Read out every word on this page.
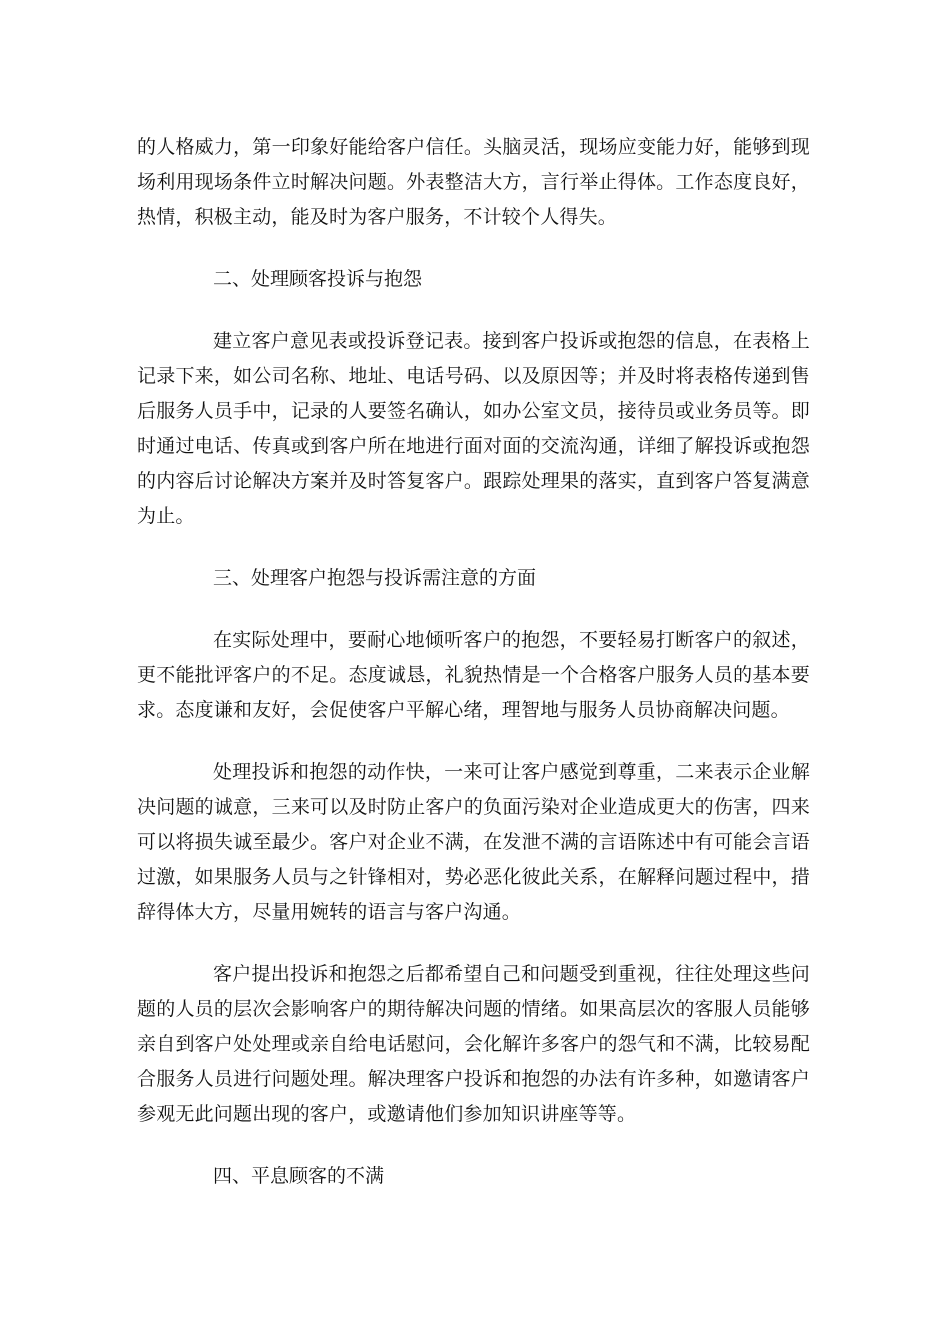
的人格威力，第一印象好能给客户信任。头脑灵活，现场应变能力好，能够到现场利用现场条件立时解决问题。外表整洁大方，言行举止得体。工作态度良好，热情，积极主动，能及时为客户服务，不计较个人得失。

二、处理顾客投诉与抱怨

建立客户意见表或投诉登记表。接到客户投诉或抱怨的信息，在表格上记录下来，如公司名称、地址、电话号码、以及原因等；并及时将表格传递到售后服务人员手中，记录的人要签名确认，如办公室文员，接待员或业务员等。即时通过电话、传真或到客户所在地进行面对面的交流沟通，详细了解投诉或抱怨的内容后讨论解决方案并及时答复客户。跟踪处理果的落实，直到客户答复满意为止。

三、处理客户抱怨与投诉需注意的方面

在实际处理中，要耐心地倾听客户的抱怨，不要轻易打断客户的叙述，更不能批评客户的不足。态度诚恳，礼貌热情是一个合格客户服务人员的基本要求。态度谦和友好，会促使客户平解心绪，理智地与服务人员协商解决问题。

处理投诉和抱怨的动作快，一来可让客户感觉到尊重，二来表示企业解决问题的诚意，三来可以及时防止客户的负面污染对企业造成更大的伤害，四来可以将损失诚至最少。客户对企业不满，在发泄不满的言语陈述中有可能会言语过激，如果服务人员与之针锋相对，势必恶化彼此关系，在解释问题过程中，措辞得体大方，尽量用婉转的语言与客户沟通。

客户提出投诉和抱怨之后都希望自己和问题受到重视，往往处理这些问题的人员的层次会影响客户的期待解决问题的情绪。如果高层次的客服人员能够亲自到客户处处理或亲自给电话慰问，会化解许多客户的怨气和不满，比较易配合服务人员进行问题处理。解决理客户投诉和抱怨的办法有许多种，如邀请客户参观无此问题出现的客户，或邀请他们参加知识讲座等等。

四、平息顾客的不满
